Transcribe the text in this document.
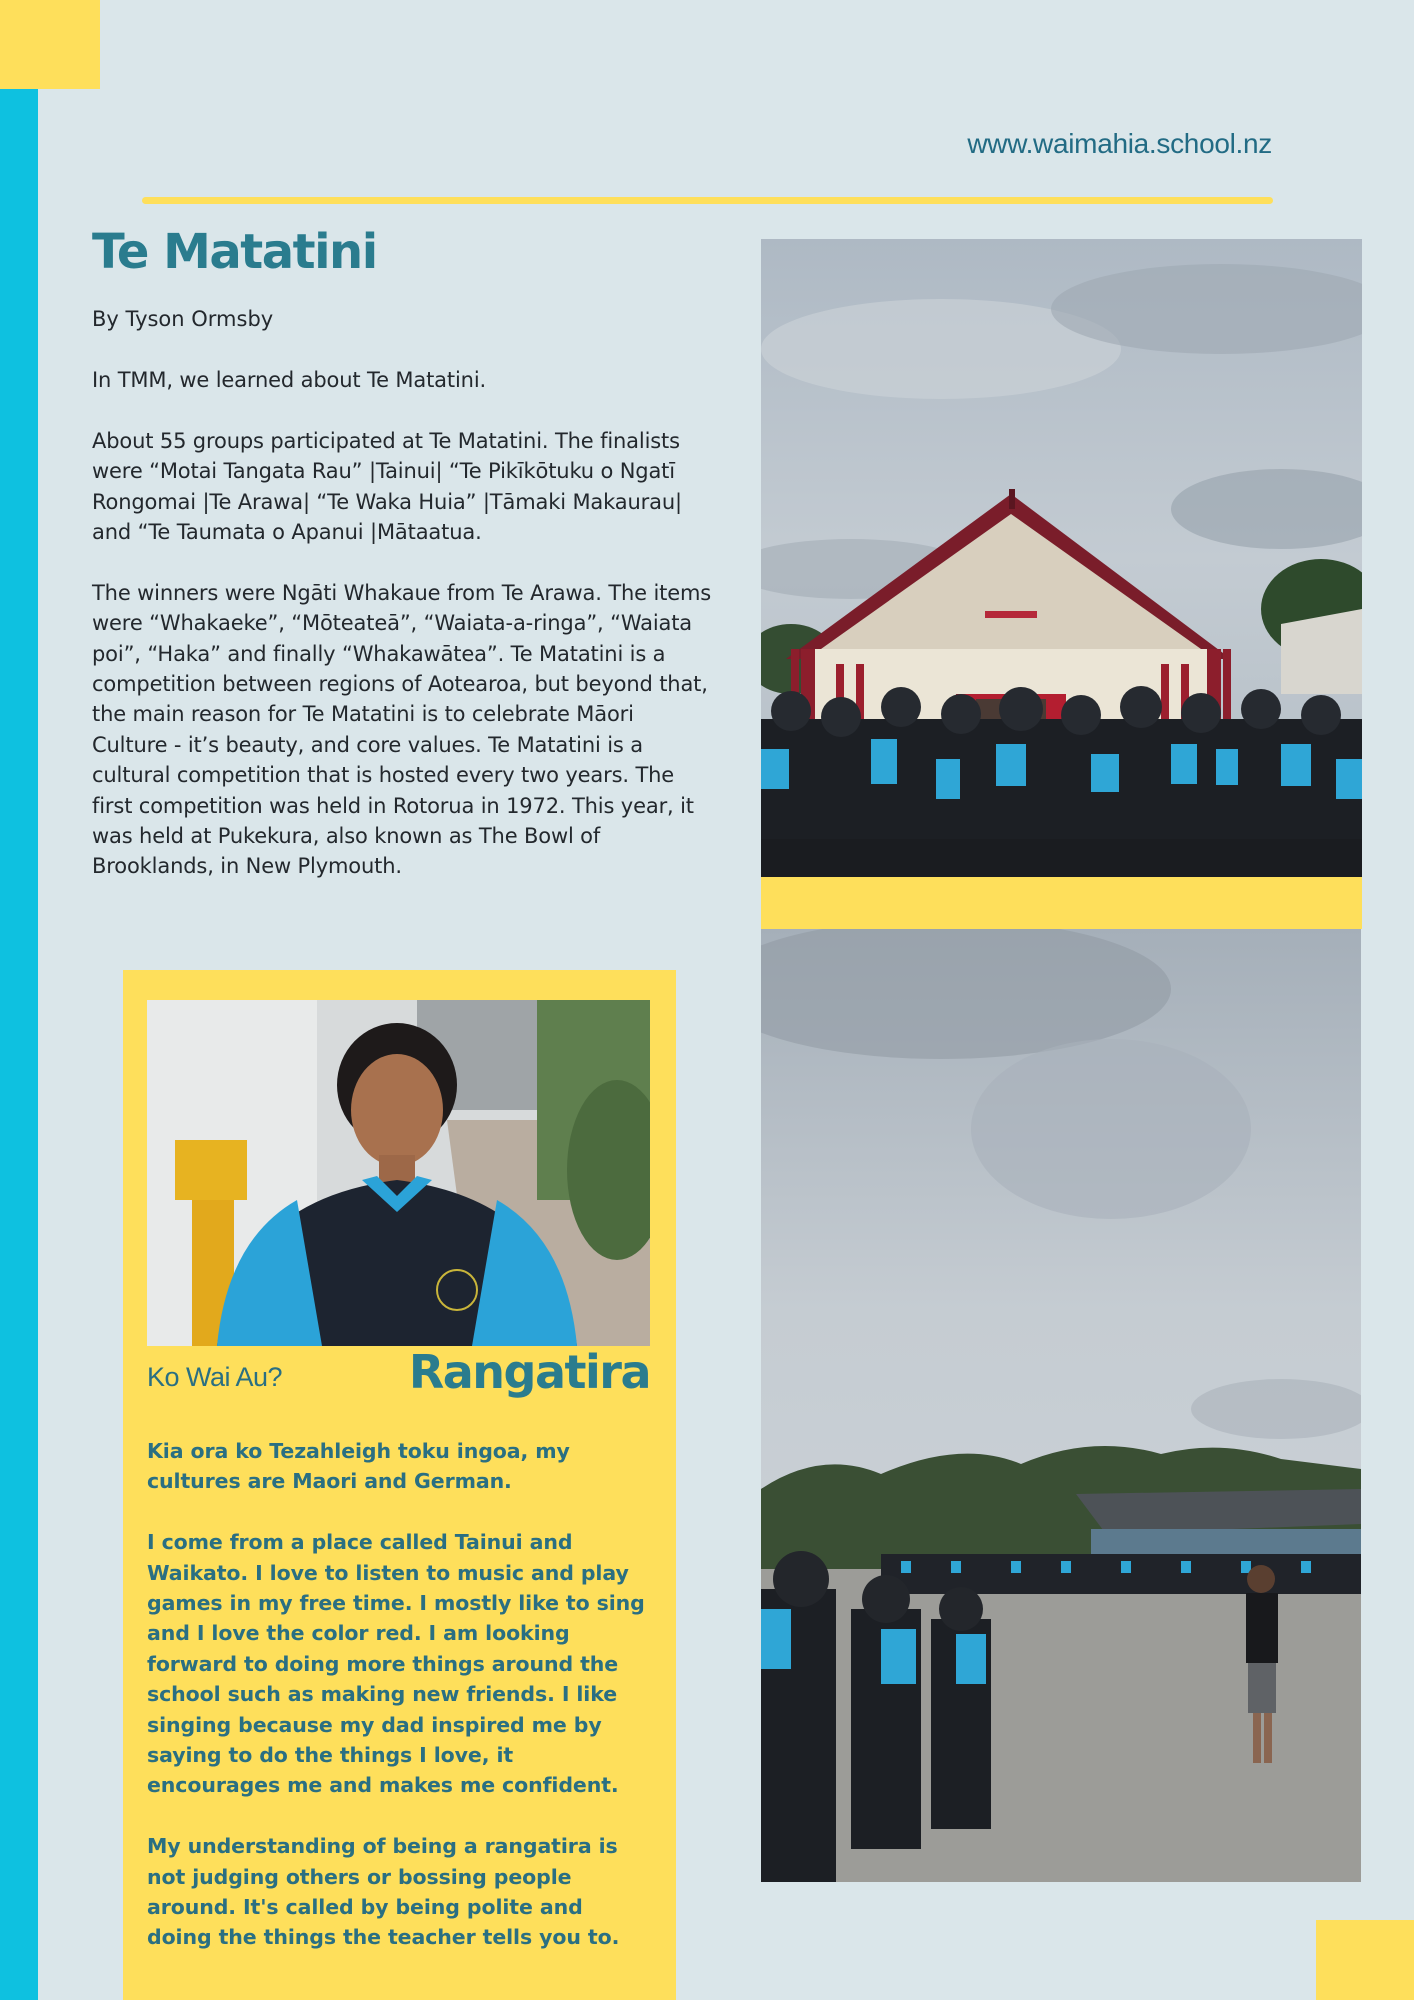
www.waimahia.school.nz
Te Matatini
By Tyson Ormsby

In TMM, we learned about Te Matatini.

About 55 groups participated at Te Matatini. The finalists were “Motai Tangata Rau” |Tainui| “Te Pikīkōtuku o Ngatī Rongomai |Te Arawa| “Te Waka Huia” |Tāmaki Makaurau| and “Te Taumata o Apanui |Mātaatua.

The winners were Ngāti Whakaue from Te Arawa. The items were “Whakaeke”, “Mōteateā”, “Waiata-a-ringa”, “Waiata poi”, “Haka” and finally “Whakawātea”. Te Matatini is a competition between regions of Aotearoa, but beyond that, the main reason for Te Matatini is to celebrate Māori Culture - it’s beauty, and core values. Te Matatini is a cultural competition that is hosted every two years. The first competition was held in Rotorua in 1972. This year, it was held at Pukekura, also known as The Bowl of Brooklands, in New Plymouth.

Ko Wai Au?	Rangatira

Kia ora ko Tezahleigh toku ingoa, my cultures are Maori and German.

I come from a place called Tainui and Waikato. I love to listen to music and play games in my free time. I mostly like to sing and I love the color red. I am looking forward to doing more things around the school such as making new friends. I like singing because my dad inspired me by saying to do the things I love, it encourages me and makes me confident.

My understanding of being a rangatira is not judging others or bossing people around. It's called by being polite and doing the things the teacher tells you to.
